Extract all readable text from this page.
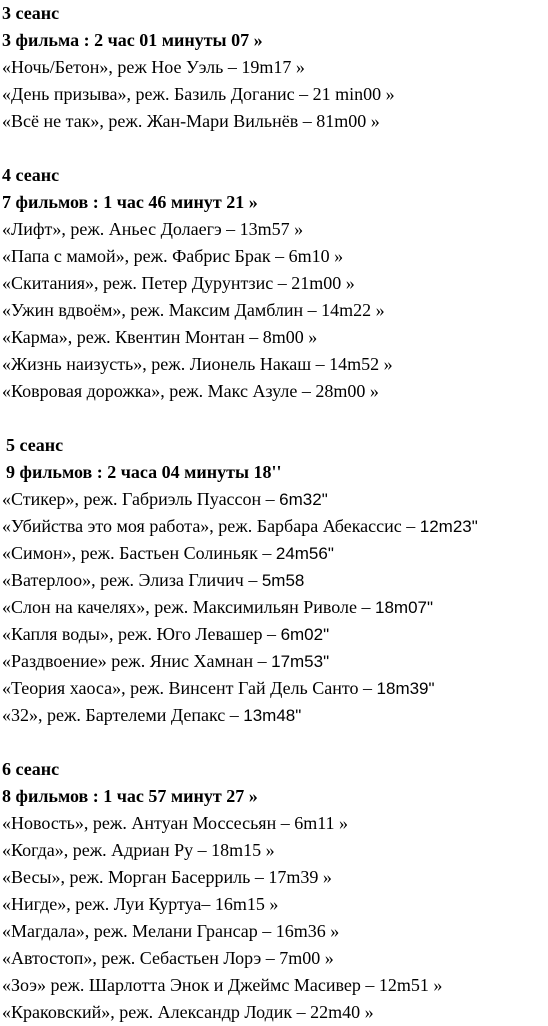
3 сеанс
3 фильма : 2 час 01 минуты 07 »
«Ночь/Бетон», реж Ное Уэль – 19m17 »
«День призыва», реж. Базиль Доганис – 21 min00 »
«Всё не так», реж. Жан-Мари Вильнёв – 81m00 »
4 сеанс
7 фильмов : 1 час 46 минут 21 »
«Лифт», реж. Аньес Долаегэ – 13m57 »
«Папа с мамой», реж. Фабрис Брак – 6m10 »
«Скитания», реж. Петер Дурунтзис – 21m00 »
«Ужин вдвоём», реж. Максим Дамблин – 14m22 »
«Карма», реж. Квентин Монтан – 8m00 »
«Жизнь наизусть», реж. Лионель Накаш – 14m52 »
«Ковровая дорожка», реж. Макс Азуле – 28m00 »
5 сеанс
9 фильмов : 2 часа 04 минуты 18''
«Стикер», реж. Габриэль Пуассон – 6m32"
«Убийства это моя работа», реж. Барбара Абекассис – 12m23"
«Симон», реж. Бастьен Солиньяк – 24m56"
«Ватерлоо», реж. Элиза Гличич – 5m58
«Слон на качелях», реж. Максимильян Риволе – 18m07"
«Капля воды», реж. Юго Левашер – 6m02"
«Раздвоение» реж. Янис Хамнан – 17m53"
«Теория хаоса», реж. Винсент Гай Дель Санто – 18m39"
«32», реж. Бартелеми Депакс – 13m48"
6 сеанс
8 фильмов : 1 час 57 минут 27 »
«Новость», реж. Антуан Моссесьян – 6m11 »
«Когда», реж. Адриан Ру – 18m15 »
«Весы», реж. Морган Басерриль – 17m39 »
«Нигде», реж. Луи Куртуа– 16m15 »
«Магдала», реж. Мелани Грансар – 16m36 »
«Автостоп», реж. Себастьен Лорэ – 7m00 »
«Зоэ» реж. Шарлотта Энок и Джеймс Масивер – 12m51 »
«Краковский», реж. Александр Лодик – 22m40 »
